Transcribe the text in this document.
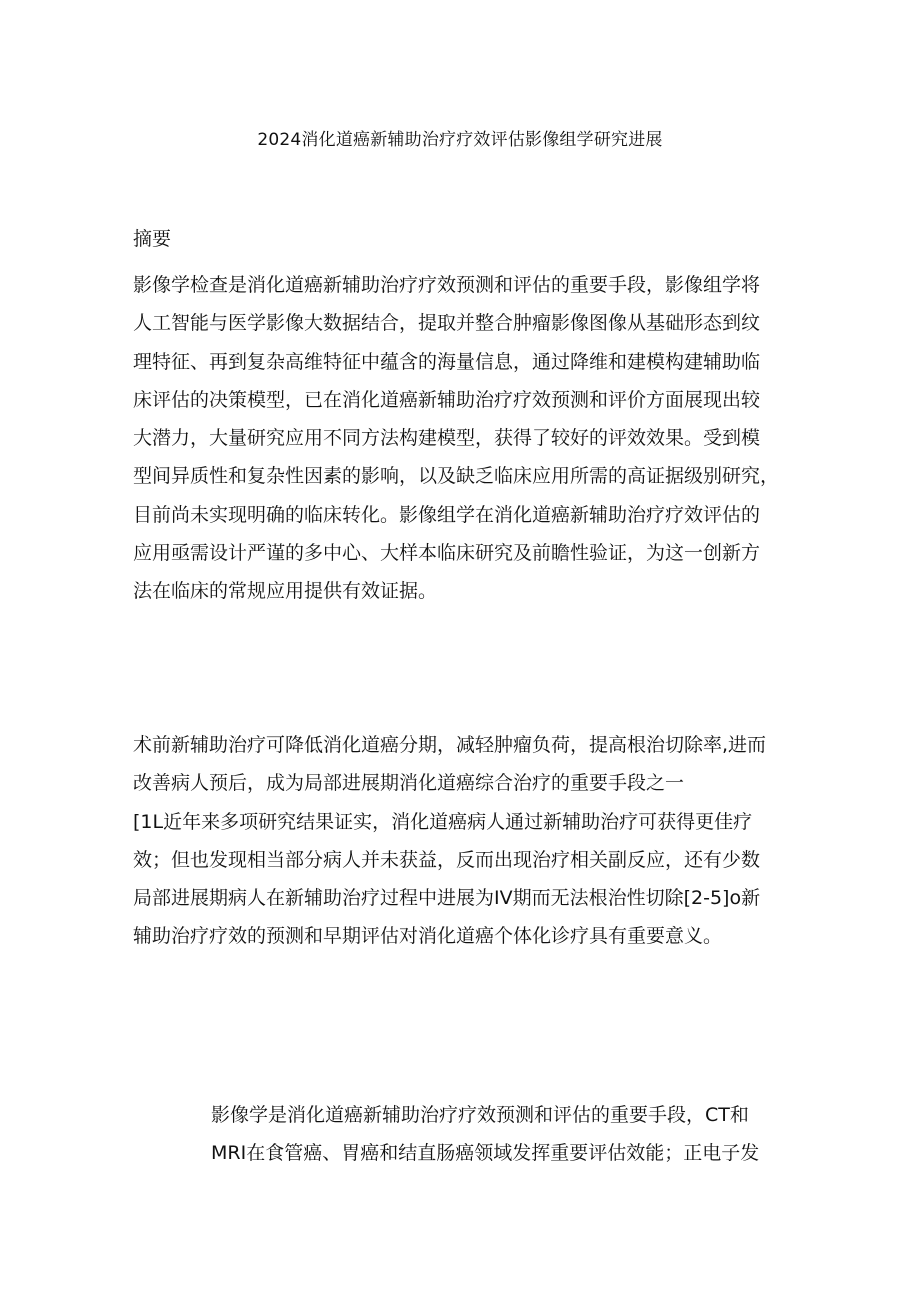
2024消化道癌新辅助治疗疗效评估影像组学研究进展
摘要
影像学检查是消化道癌新辅助治疗疗效预测和评估的重要手段，影像组学将
人工智能与医学影像大数据结合，提取并整合肿瘤影像图像从基础形态到纹
理特征、再到复杂高维特征中蕴含的海量信息，通过降维和建模构建辅助临
床评估的决策模型，已在消化道癌新辅助治疗疗效预测和评价方面展现出较
大潜力，大量研究应用不同方法构建模型，获得了较好的评效效果。受到模
型间异质性和复杂性因素的影响，以及缺乏临床应用所需的高证据级别研究，
目前尚未实现明确的临床转化。影像组学在消化道癌新辅助治疗疗效评估的
应用亟需设计严谨的多中心、大样本临床研究及前瞻性验证，为这一创新方
法在临床的常规应用提供有效证据。
术前新辅助治疗可降低消化道癌分期，减轻肿瘤负荷，提高根治切除率,进而
改善病人预后，成为局部进展期消化道癌综合治疗的重要手段之一
[1L近年来多项研究结果证实，消化道癌病人通过新辅助治疗可获得更佳疗
效；但也发现相当部分病人并未获益，反而出现治疗相关副反应，还有少数
局部进展期病人在新辅助治疗过程中进展为IV期而无法根治性切除[2-5]o新
辅助治疗疗效的预测和早期评估对消化道癌个体化诊疗具有重要意义。
影像学是消化道癌新辅助治疗疗效预测和评估的重要手段，CT和
MRI在食管癌、胃癌和结直肠癌领域发挥重要评估效能；正电子发
